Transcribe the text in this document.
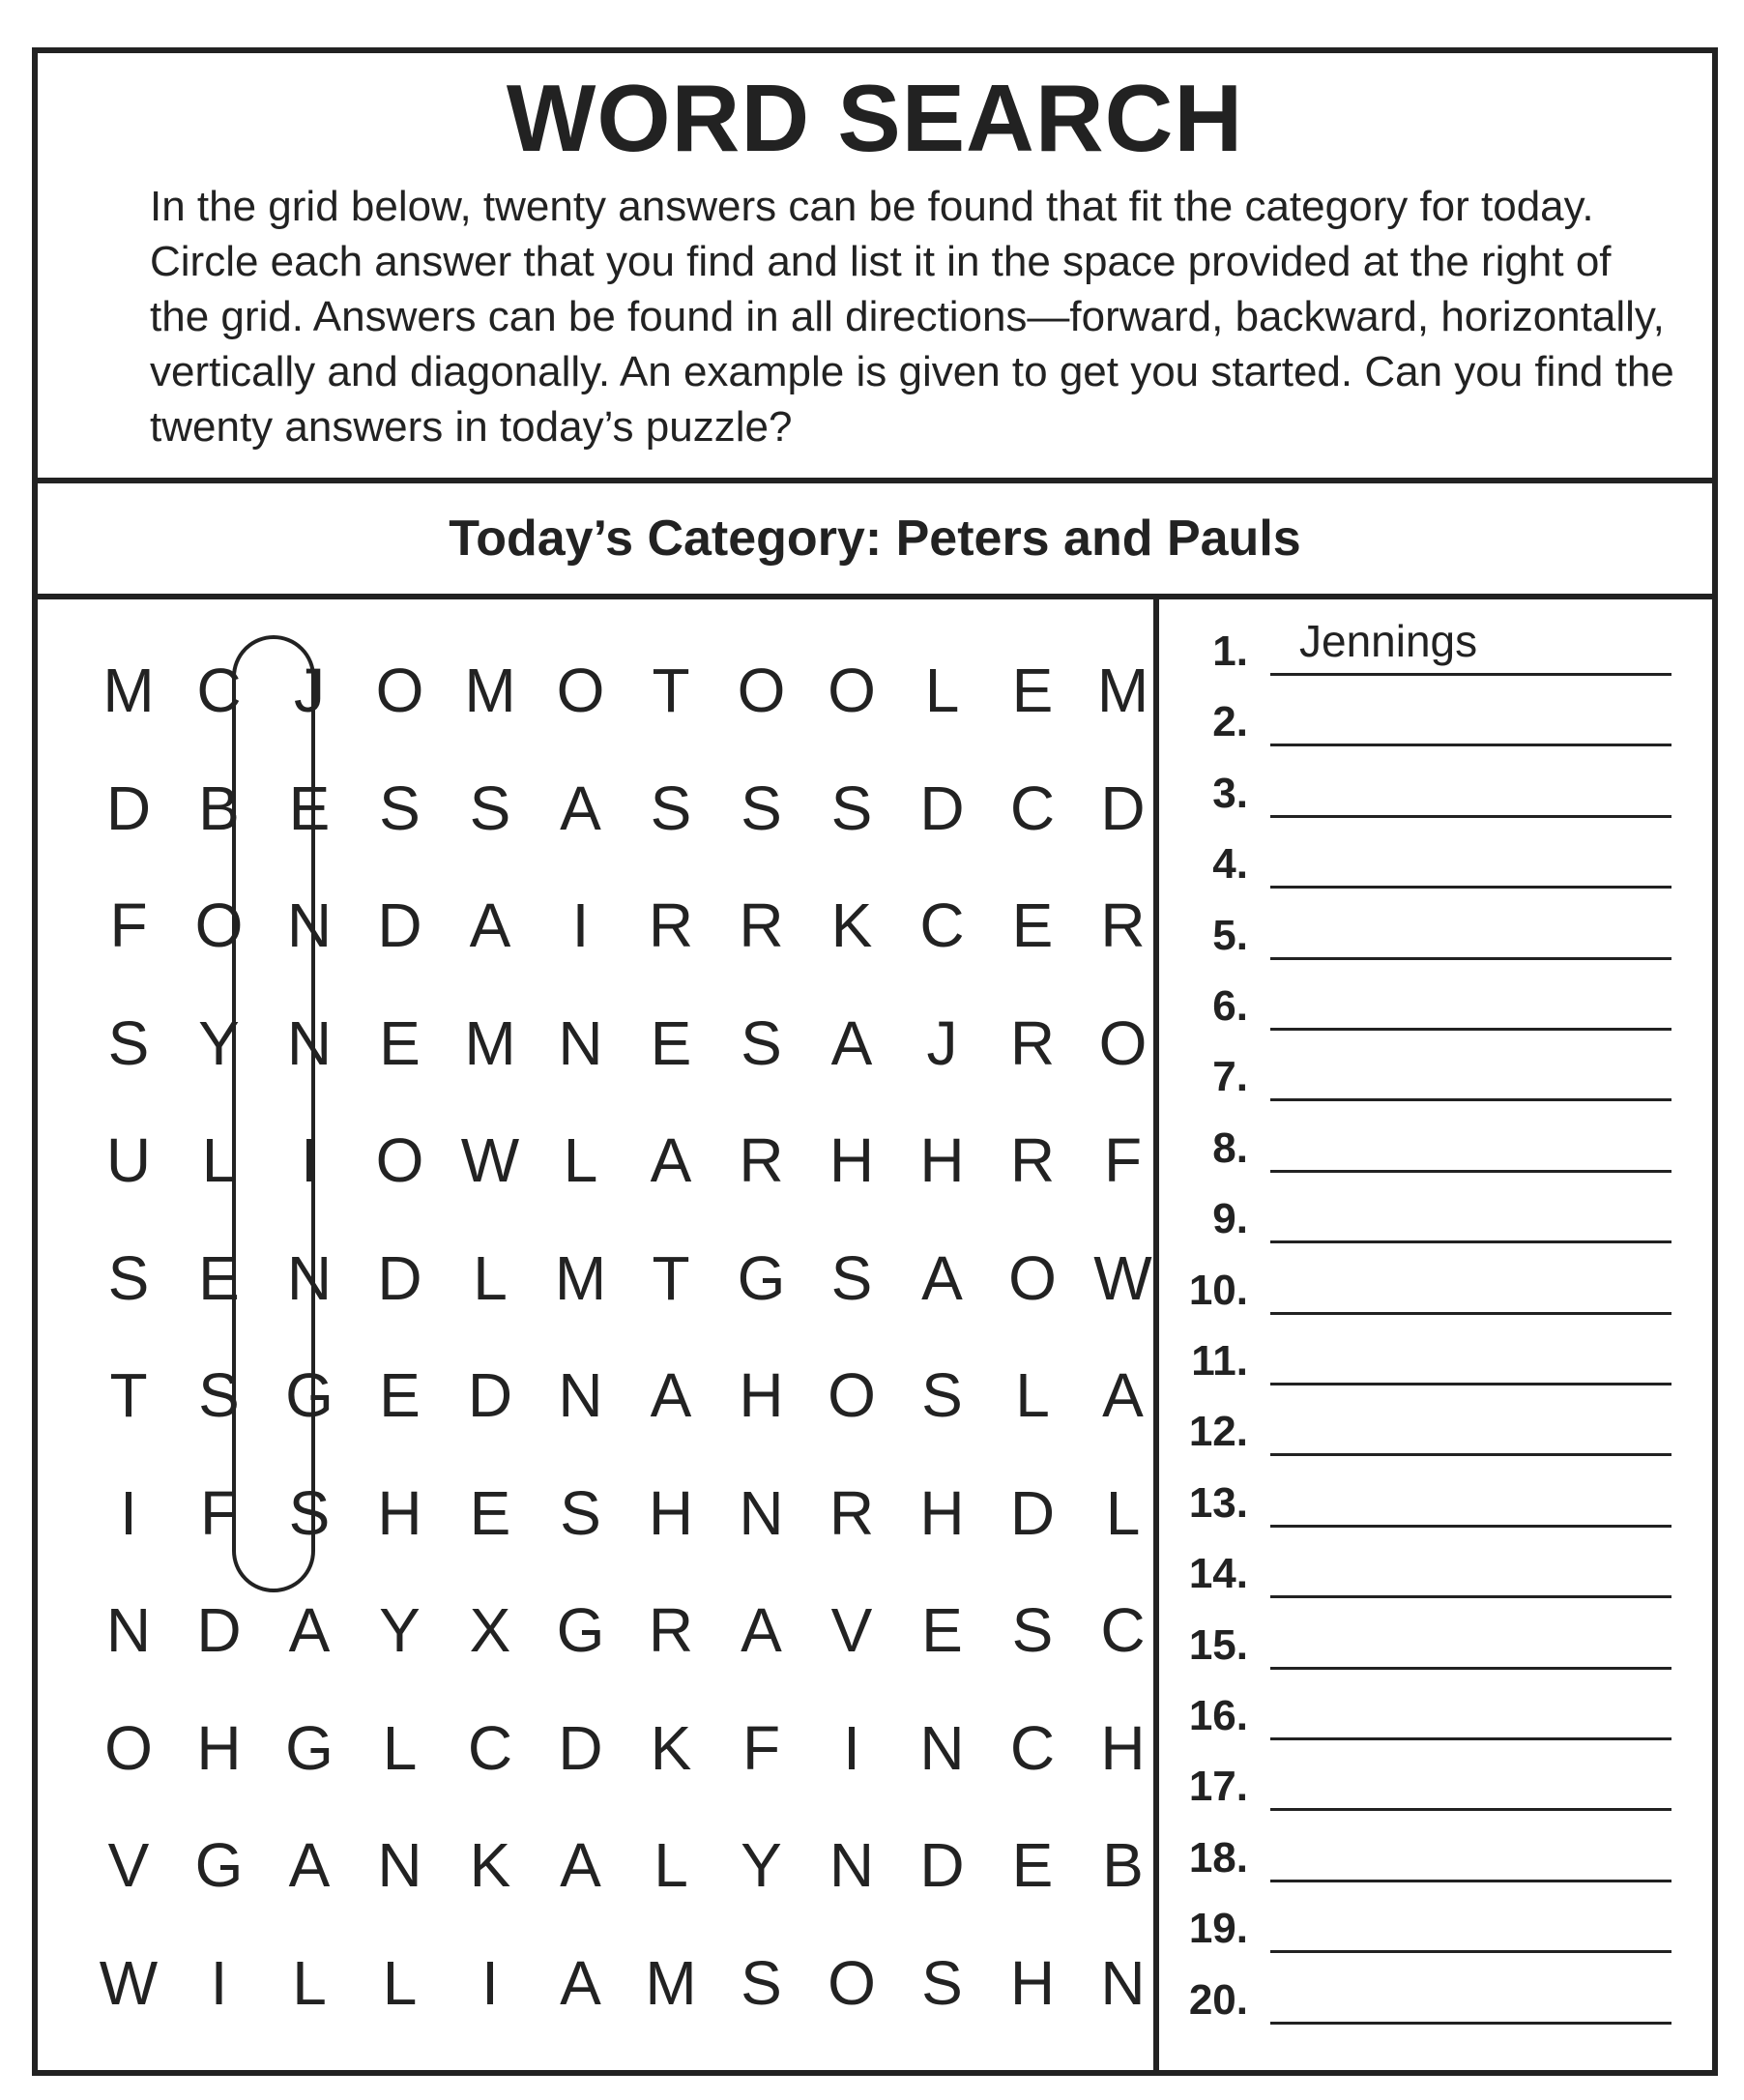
WORD SEARCH

In the grid below, twenty answers can be found that fit the category for today. Circle each answer that you find and list it in the space provided at the right of the grid. Answers can be found in all directions—forward, backward, horizontally, vertically and diagonally. An example is given to get you started. Can you find the twenty answers in today’s puzzle?

Today’s Category: Peters and Pauls
M C J O M O T O O L E M
D B E S S A S S S D C D
F O N D A I R R K C E R
S Y N E M N E S A J R O
U L	I O W L A R H H R F
S E N D L M T G S A O W
T S G E D N A H O S L A
I	F S H E S H N R H D L
N D A Y X G R A V E S C
O H G L C D K F	I N C H
V G A N K A L Y N D E B
W I	L L	I A M S O S H N
1. Jennings
2.
3.
4.
5.
6.
7.
8.
9.
10.
11.
12.
13.
14.
15.
16.
17.
18.
19.
20.
